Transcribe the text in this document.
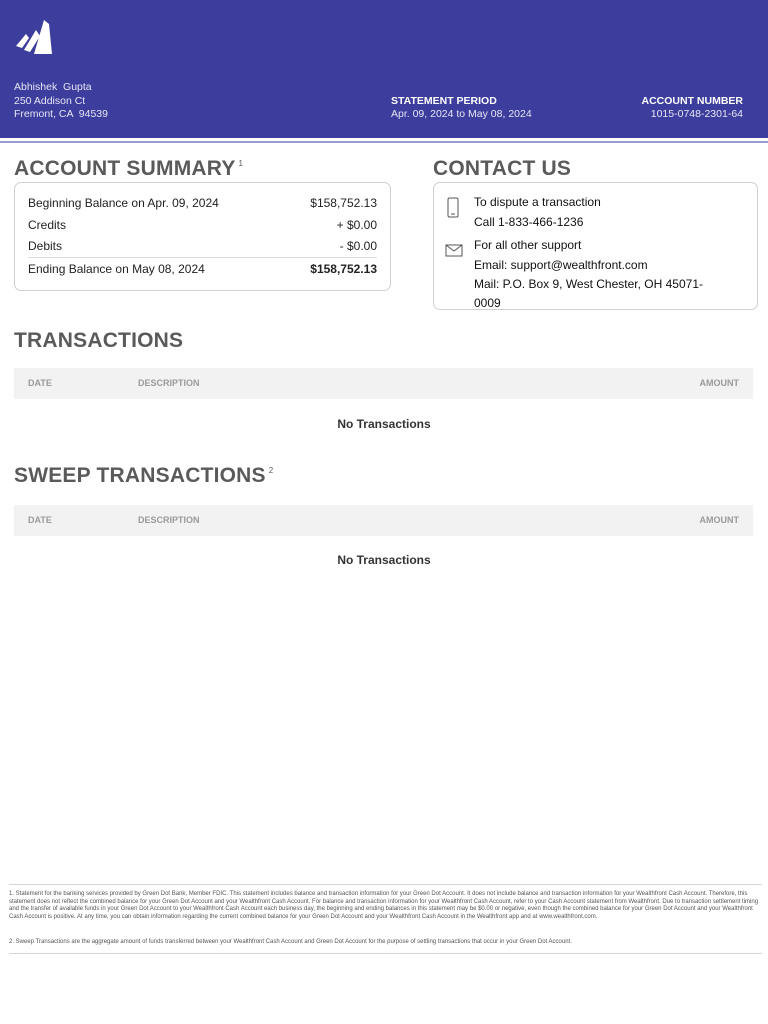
Abhishek  Gupta
250 Addison Ct
Fremont, CA  94539
STATEMENT PERIOD
Apr. 09, 2024 to May 08, 2024
ACCOUNT NUMBER
1015-0748-2301-64
ACCOUNT SUMMARY $^1$
Beginning Balance on Apr. 09, 2024	$158,752.13
Credits	+ $0.00
Debits	- $0.00
Ending Balance on May 08, 2024	$158,752.13
CONTACT US
To dispute a transaction
Call 1-833-466-1236
For all other support
Email: support@wealthfront.com
Mail: P.O. Box 9, West Chester, OH 45071-
0009
TRANSACTIONS
DATE	DESCRIPTION	AMOUNT
No Transactions
SWEEP TRANSACTIONS $^2$
DATE	DESCRIPTION	AMOUNT
No Transactions
1. Statement for the banking services provided by Green Dot Bank, Member FDIC. This statement includes balance and transaction information for your Green Dot Account. It does not include balance and transaction information for your Wealthfront Cash Account. Therefore, this statement does not reflect the combined balance for your Green Dot Account and your Wealthfront Cash Account. For balance and transaction information for your Wealthfront Cash Account, refer to your Cash Account statement from Wealthfront. Due to transaction settlement timing and the transfer of available funds in your Green Dot Account to your Wealthfront Cash Account each business day, the beginning and ending balances in this statement may be $0.00 or negative, even though the combined balance for your Green Dot Account and your Wealthfront Cash Account is positive. At any time, you can obtain information regarding the current combined balance for your Green Dot Account and your Wealthfront Cash Account in the Wealthfront app and at www.wealthfront.com.
2. Sweep Transactions are the aggregate amount of funds transferred between your Wealthfront Cash Account and Green Dot Account for the purpose of settling transactions that occur in your Green Dot Account.
